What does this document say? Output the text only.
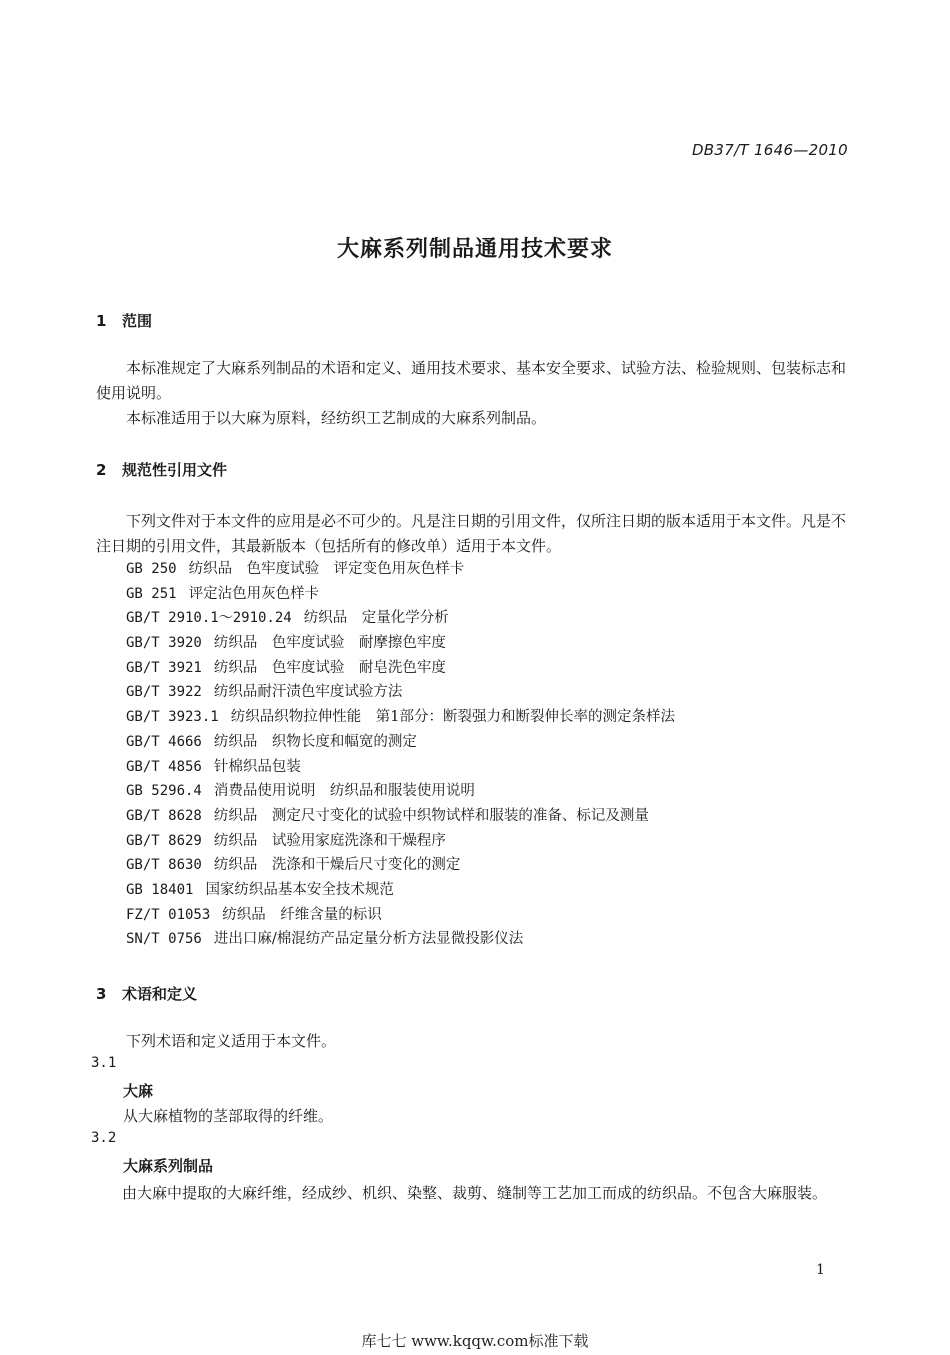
DB37/T 1646—2010
大麻系列制品通用技术要求
1 范围
本标准规定了大麻系列制品的术语和定义、通用技术要求、基本安全要求、试验方法、检验规则、包装标志和使用说明。
本标准适用于以大麻为原料，经纺织工艺制成的大麻系列制品。
2 规范性引用文件
下列文件对于本文件的应用是必不可少的。凡是注日期的引用文件，仅所注日期的版本适用于本文件。凡是不注日期的引用文件，其最新版本（包括所有的修改单）适用于本文件。
GB 250 纺织品　色牢度试验　评定变色用灰色样卡
GB 251 评定沾色用灰色样卡
GB/T 2910.1～2910.24 纺织品　定量化学分析
GB/T 3920 纺织品　色牢度试验　耐摩擦色牢度
GB/T 3921 纺织品　色牢度试验　耐皂洗色牢度
GB/T 3922 纺织品耐汗渍色牢度试验方法
GB/T 3923.1 纺织品织物拉伸性能　第1部分：断裂强力和断裂伸长率的测定条样法
GB/T 4666 纺织品　织物长度和幅宽的测定
GB/T 4856 针棉织品包装
GB 5296.4 消费品使用说明　纺织品和服装使用说明
GB/T 8628 纺织品　测定尺寸变化的试验中织物试样和服装的准备、标记及测量
GB/T 8629 纺织品　试验用家庭洗涤和干燥程序
GB/T 8630 纺织品　洗涤和干燥后尺寸变化的测定
GB 18401 国家纺织品基本安全技术规范
FZ/T 01053 纺织品　纤维含量的标识
SN/T 0756 进出口麻/棉混纺产品定量分析方法显微投影仪法
3 术语和定义
下列术语和定义适用于本文件。
3.1
大麻
从大麻植物的茎部取得的纤维。
3.2
大麻系列制品
由大麻中提取的大麻纤维，经成纱、机织、染整、裁剪、缝制等工艺加工而成的纺织品。不包含大麻服装。
1
库七七 www.kqqw.com标准下载
